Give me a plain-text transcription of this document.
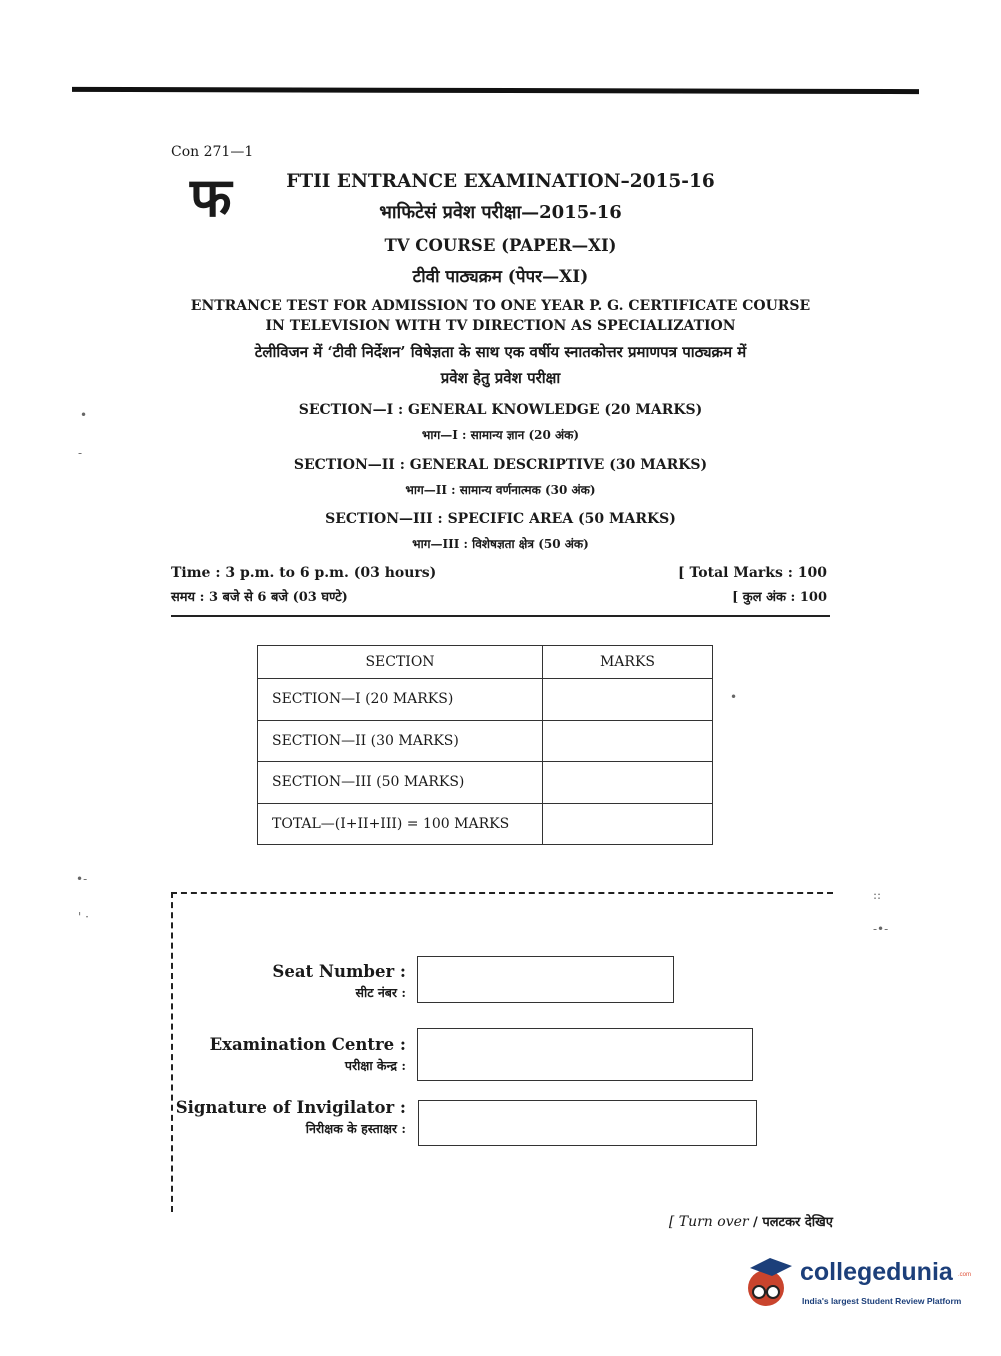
Con 271—1
फ	FTII ENTRANCE EXAMINATION–2015-16
भाफिटेसं प्रवेश परीक्षा—2015-16
TV COURSE (PAPER—XI)
टीवी पाठ्यक्रम (पेपर—XI)
ENTRANCE TEST FOR ADMISSION TO ONE YEAR P. G. CERTIFICATE COURSE
IN TELEVISION WITH TV DIRECTION AS SPECIALIZATION
टेलीविजन में ‘टीवी निर्देशन’ विषेज्ञता के साथ एक वर्षीय स्नातकोत्तर प्रमाणपत्र पाठ्यक्रम में
प्रवेश हेतु प्रवेश परीक्षा
SECTION—I : GENERAL KNOWLEDGE (20 MARKS)
भाग—I : सामान्य ज्ञान (20 अंक)
SECTION—II : GENERAL DESCRIPTIVE (30 MARKS)
भाग—II : सामान्य वर्णनात्मक (30 अंक)
SECTION—III : SPECIFIC AREA (50 MARKS)
भाग—III : विशेषज्ञता क्षेत्र (50 अंक)
Time : 3 p.m. to 6 p.m. (03 hours)
समय : 3 बजे से 6 बजे (03 घण्टे)
[ Total Marks : 100
[ कुल अंक : 100
SECTION	MARKS
SECTION—I (20 MARKS)	
SECTION—II (30 MARKS)	
SECTION—III (50 MARKS)	
TOTAL—(I+II+III) = 100 MARKS	
Seat Number :
सीट नंबर :
Examination Centre :
परीक्षा केन्द्र :
Signature of Invigilator :
निरीक्षक के हस्ताक्षर :
[ Turn over / पलटकर देखिए
•
-
•-
' ·
::
-•-
•
collegedunia .com
India's largest Student Review Platform
